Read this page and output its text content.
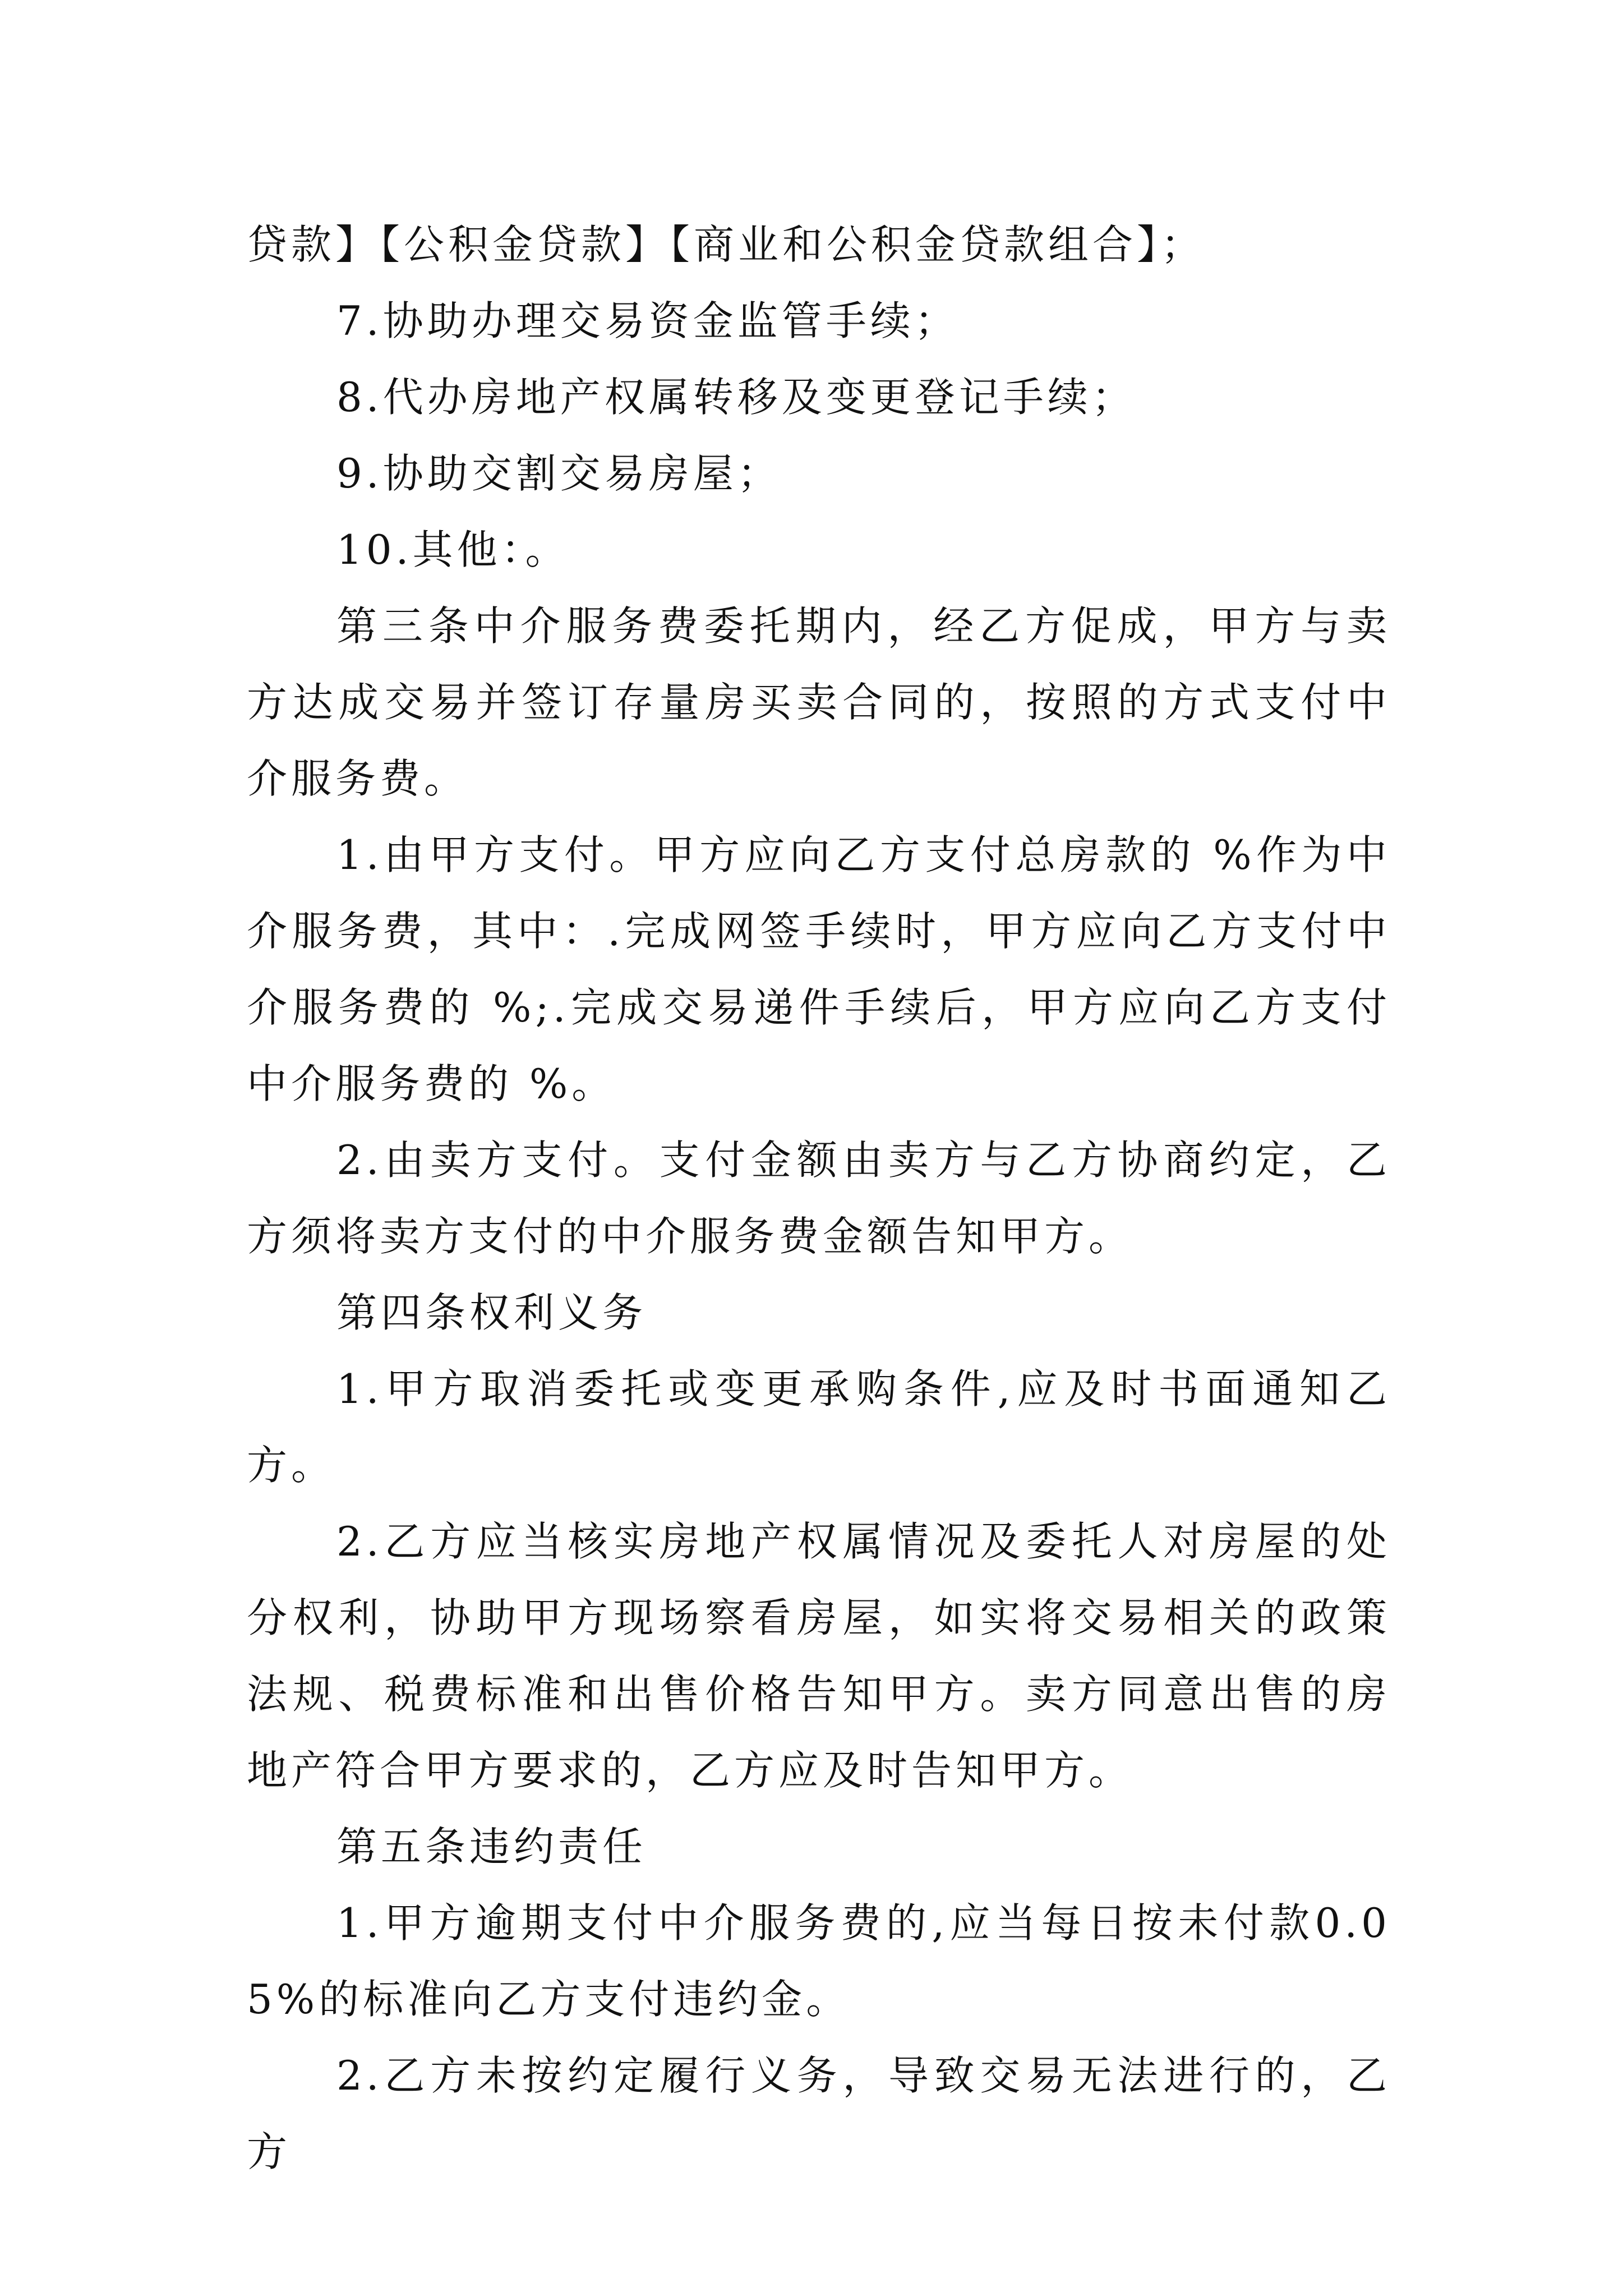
贷款】【公积金贷款】【商业和公积金贷款组合】；

7.协助办理交易资金监管手续；

8.代办房地产权属转移及变更登记手续；

9.协助交割交易房屋；

10.其他：。

第三条中介服务费委托期内，经乙方促成，甲方与卖方达成交易并签订存量房买卖合同的，按照的方式支付中介服务费。

1.由甲方支付。甲方应向乙方支付总房款的 %作为中介服务费，其中：.完成网签手续时，甲方应向乙方支付中介服务费的 %;.完成交易递件手续后，甲方应向乙方支付中介服务费的 %。

2.由卖方支付。支付金额由卖方与乙方协商约定，乙方须将卖方支付的中介服务费金额告知甲方。

第四条权利义务

1.甲方取消委托或变更承购条件,应及时书面通知乙方。

2.乙方应当核实房地产权属情况及委托人对房屋的处分权利，协助甲方现场察看房屋，如实将交易相关的政策法规、税费标准和出售价格告知甲方。卖方同意出售的房地产符合甲方要求的，乙方应及时告知甲方。

第五条违约责任

1.甲方逾期支付中介服务费的,应当每日按未付款0.05%的标准向乙方支付违约金。

2.乙方未按约定履行义务，导致交易无法进行的，乙方
